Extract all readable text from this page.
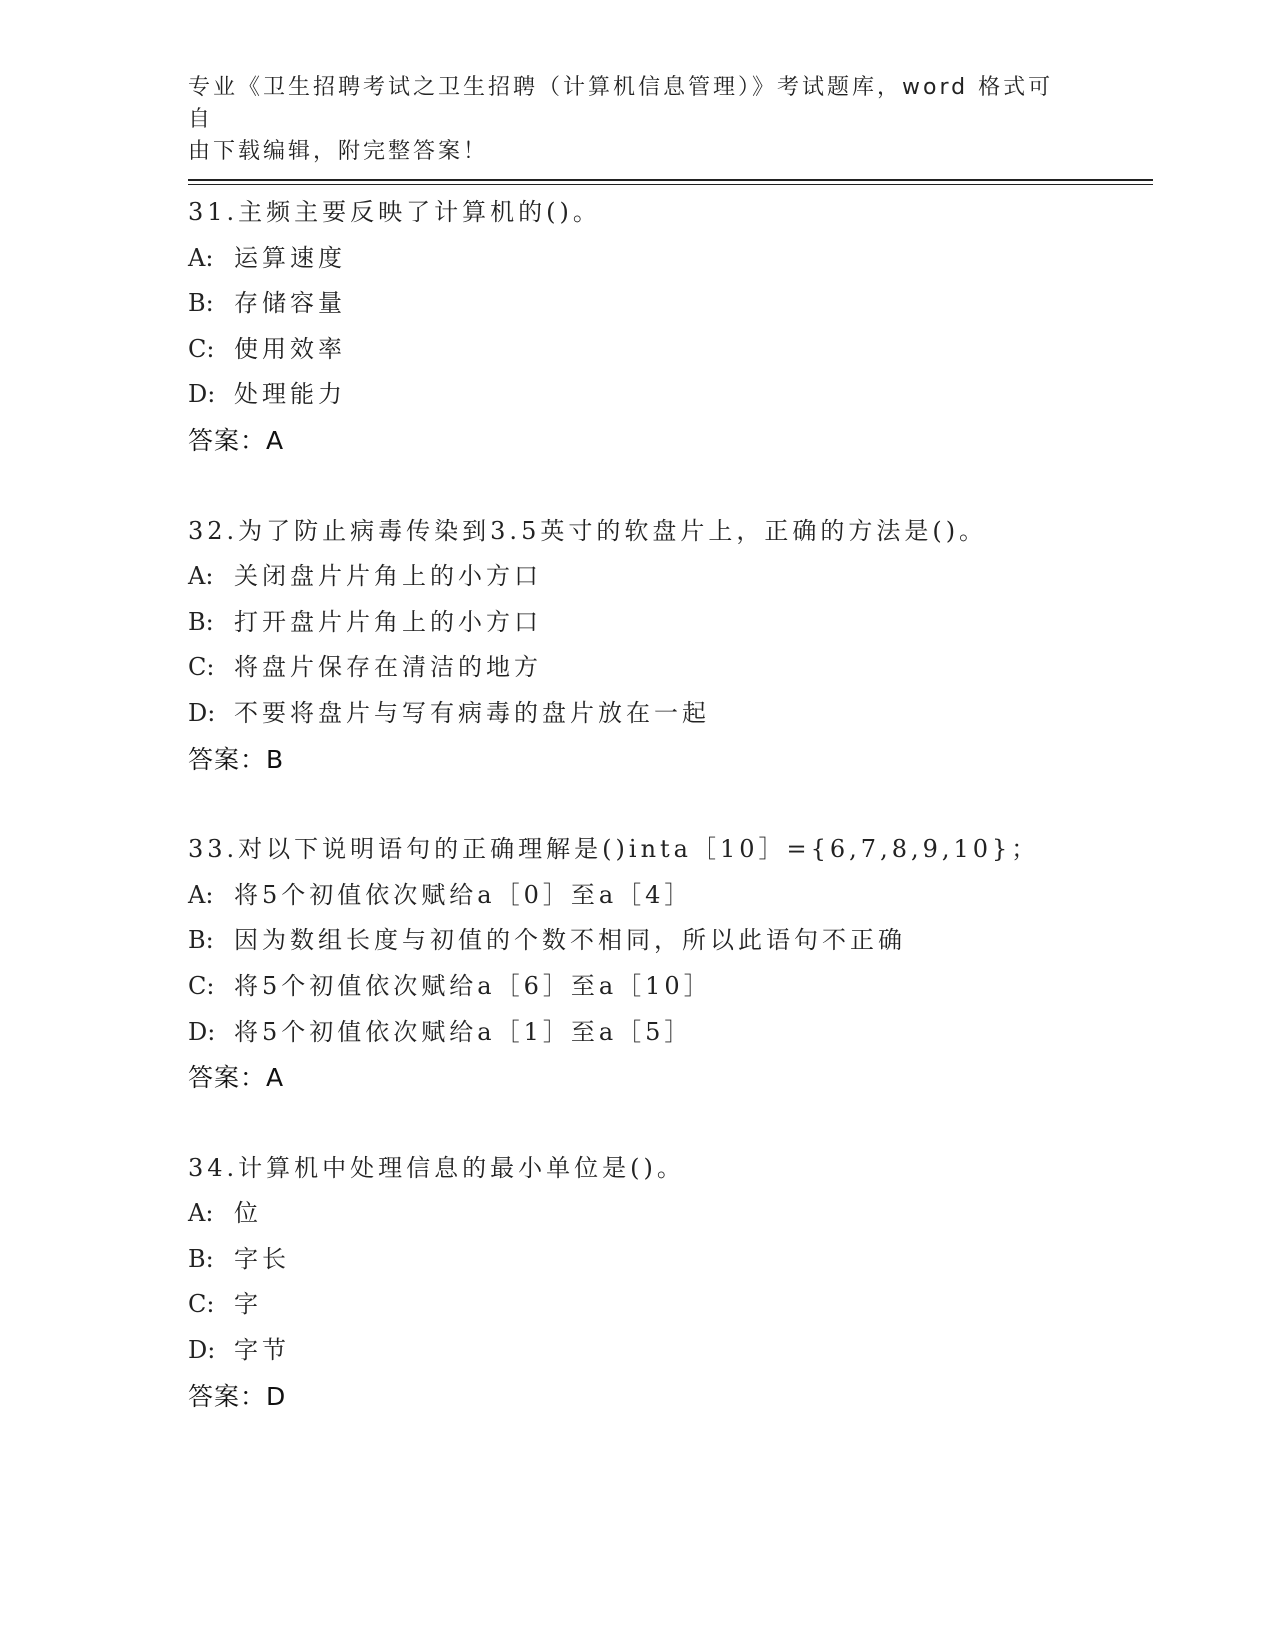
专业《卫生招聘考试之卫生招聘（计算机信息管理）》考试题库，word 格式可自
由下载编辑，附完整答案！
31.主频主要反映了计算机的()。
A: 运算速度
B: 存储容量
C: 使用效率
D: 处理能力
答案：A
32.为了防止病毒传染到3.5英寸的软盘片上，正确的方法是()。
A: 关闭盘片片角上的小方口
B: 打开盘片片角上的小方口
C: 将盘片保存在清洁的地方
D: 不要将盘片与写有病毒的盘片放在一起
答案：B
33.对以下说明语句的正确理解是()inta［10］={6,7,8,9,10}；
A: 将5个初值依次赋给a［0］至a［4］
B: 因为数组长度与初值的个数不相同，所以此语句不正确
C: 将5个初值依次赋给a［6］至a［10］
D: 将5个初值依次赋给a［1］至a［5］
答案：A
34.计算机中处理信息的最小单位是()。
A: 位
B: 字长
C: 字
D: 字节
答案：D
